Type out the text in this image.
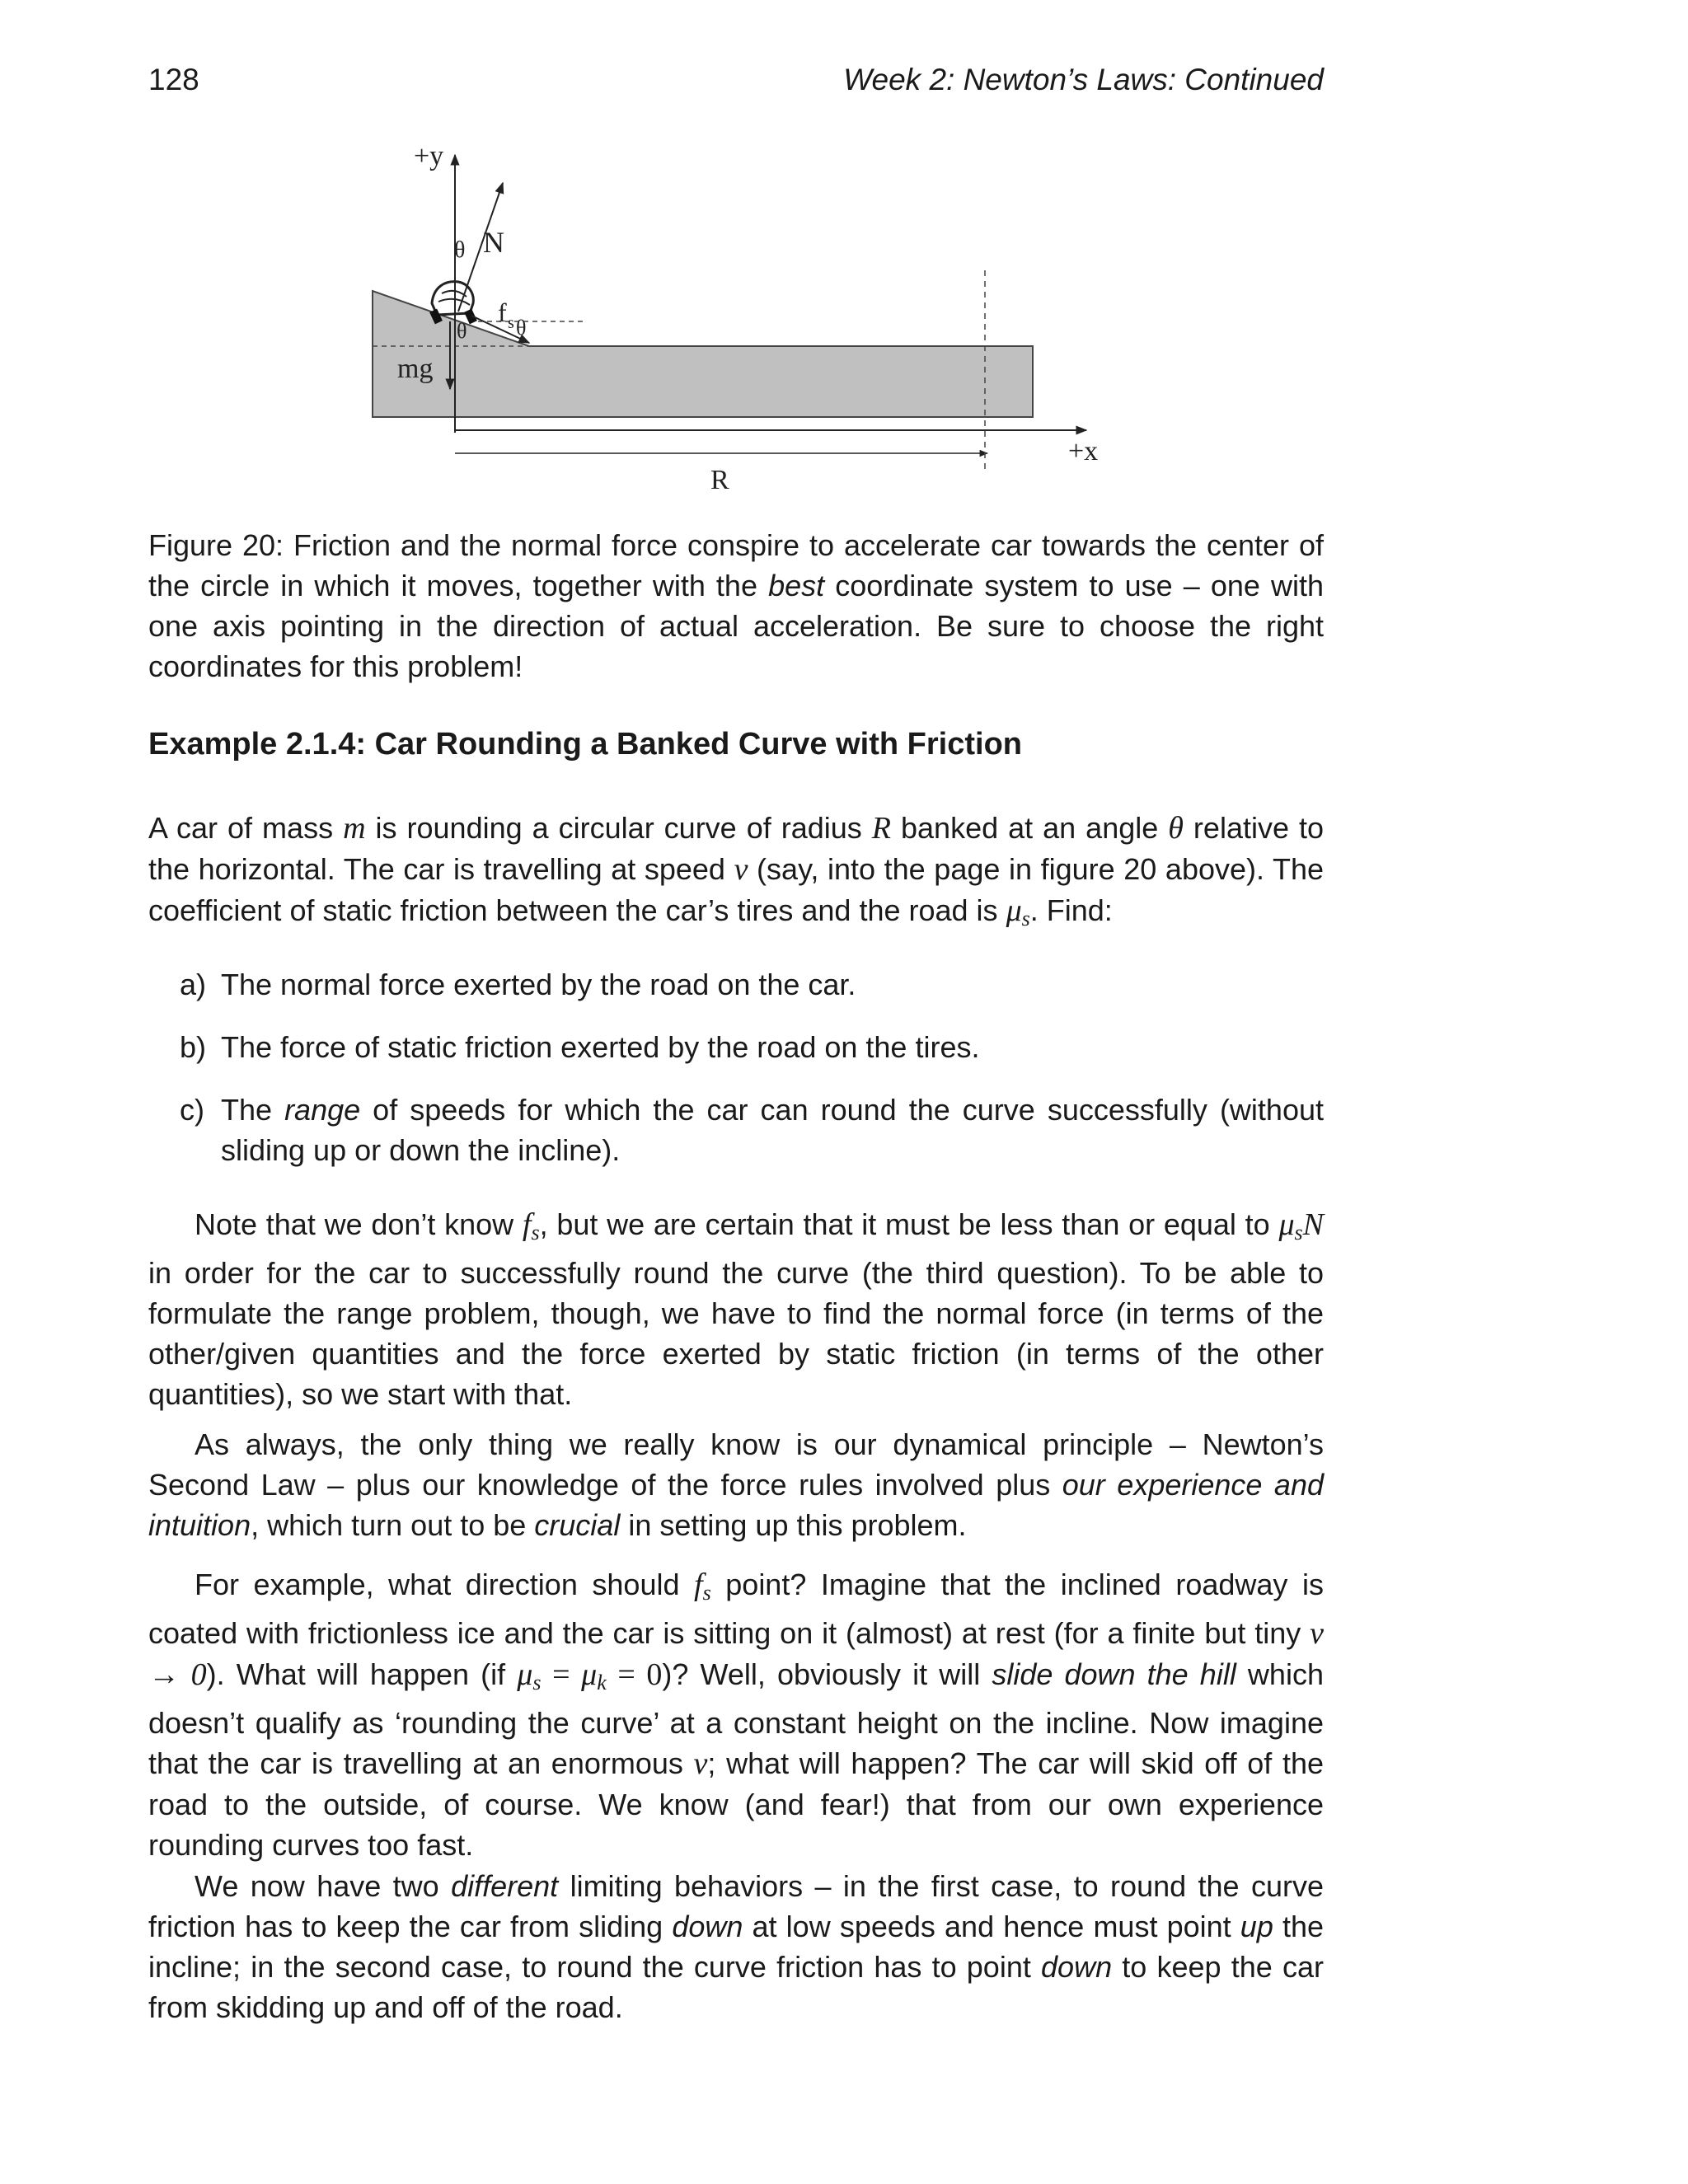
128	Week 2: Newton’s Laws: Continued
+y
N
θ
θ θ
f s
mg
R
+x
Figure 20: Friction and the normal force conspire to accelerate car towards the center of the circle in which it moves, together with the best coordinate system to use – one with one axis pointing in the direction of actual acceleration. Be sure to choose the right coordinates for this problem!
Example 2.1.4: Car Rounding a Banked Curve with Friction

A car of mass m is rounding a circular curve of radius R banked at an angle θ relative to the horizontal. The car is travelling at speed v (say, into the page in figure 20 above). The coefficient of static friction between the car’s tires and the road is $\mu_s$. Find:

a) The normal force exerted by the road on the car.
b) The force of static friction exerted by the road on the tires.
c) The range of speeds for which the car can round the curve successfully (without sliding up or down the incline).

Note that we don’t know $f_s$, but we are certain that it must be less than or equal to $\mu_sN$ in order for the car to successfully round the curve (the third question). To be able to formulate the range problem, though, we have to find the normal force (in terms of the other/given quantities and the force exerted by static friction (in terms of the other quantities), so we start with that.

As always, the only thing we really know is our dynamical principle – Newton’s Second Law – plus our knowledge of the force rules involved plus our experience and intuition, which turn out to be crucial in setting up this problem.

For example, what direction should $f_s$ point? Imagine that the inclined roadway is coated with frictionless ice and the car is sitting on it (almost) at rest (for a finite but tiny v → 0). What will happen (if $\mu_s = \mu_k = 0$)? Well, obviously it will slide down the hill which doesn’t qualify as ‘rounding the curve’ at a constant height on the incline. Now imagine that the car is travelling at an enormous v; what will happen? The car will skid off of the road to the outside, of course. We know (and fear!) that from our own experience rounding curves too fast.

We now have two different limiting behaviors – in the first case, to round the curve friction has to keep the car from sliding down at low speeds and hence must point up the incline; in the second case, to round the curve friction has to point down to keep the car from skidding up and off of the road.
